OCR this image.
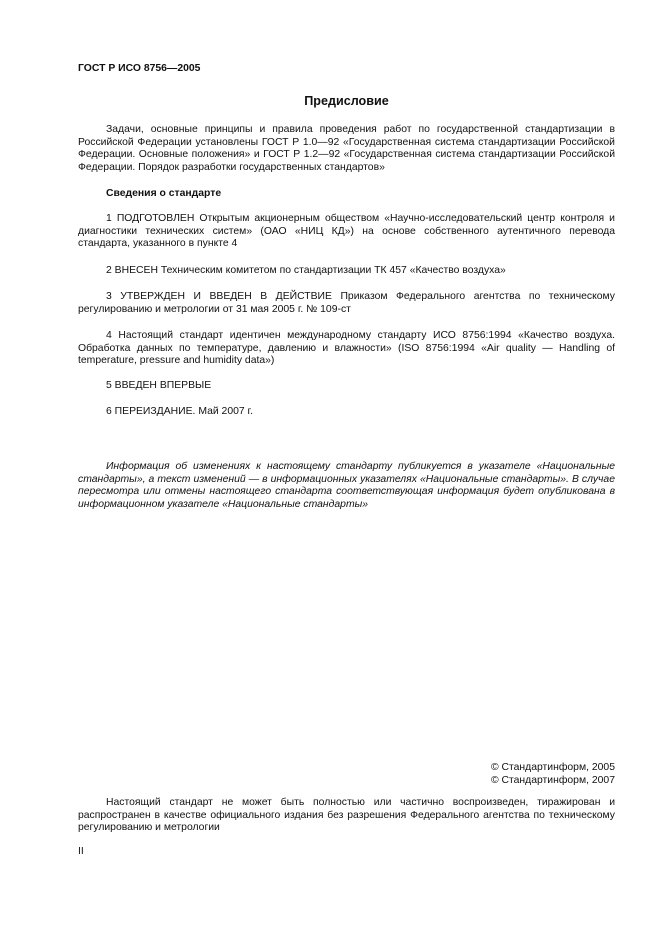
ГОСТ Р ИСО 8756—2005
Предисловие

Задачи, основные принципы и правила проведения работ по государственной стандартизации в Российской Федерации установлены ГОСТ Р 1.0—92 «Государственная система стандартизации Российской Федерации. Основные положения» и ГОСТ Р 1.2—92 «Государственная система стандартизации Российской Федерации. Порядок разработки государственных стандартов»

Сведения о стандарте

1 ПОДГОТОВЛЕН Открытым акционерным обществом «Научно-исследовательский центр контроля и диагностики технических систем» (ОАО «НИЦ КД») на основе собственного аутентичного перевода стандарта, указанного в пункте 4

2 ВНЕСЕН Техническим комитетом по стандартизации ТК 457 «Качество воздуха»

3 УТВЕРЖДЕН И ВВЕДЕН В ДЕЙСТВИЕ Приказом Федерального агентства по техническому регулированию и метрологии от 31 мая 2005 г. № 109-ст

4 Настоящий стандарт идентичен международному стандарту ИСО 8756:1994 «Качество воздуха. Обработка данных по температуре, давлению и влажности» (ISO 8756:1994 «Air quality — Handling of temperature, pressure and humidity data»)

5 ВВЕДЕН ВПЕРВЫЕ

6 ПЕРЕИЗДАНИЕ. Май 2007 г.

Информация об изменениях к настоящему стандарту публикуется в указателе «Национальные стандарты», а текст изменений — в информационных указателях «Национальные стандарты». В случае пересмотра или отмены настоящего стандарта соответствующая информация будет опубликована в информационном указателе «Национальные стандарты»

© Стандартинформ, 2005
© Стандартинформ, 2007

Настоящий стандарт не может быть полностью или частично воспроизведен, тиражирован и распространен в качестве официального издания без разрешения Федерального агентства по техническому регулированию и метрологии

II
